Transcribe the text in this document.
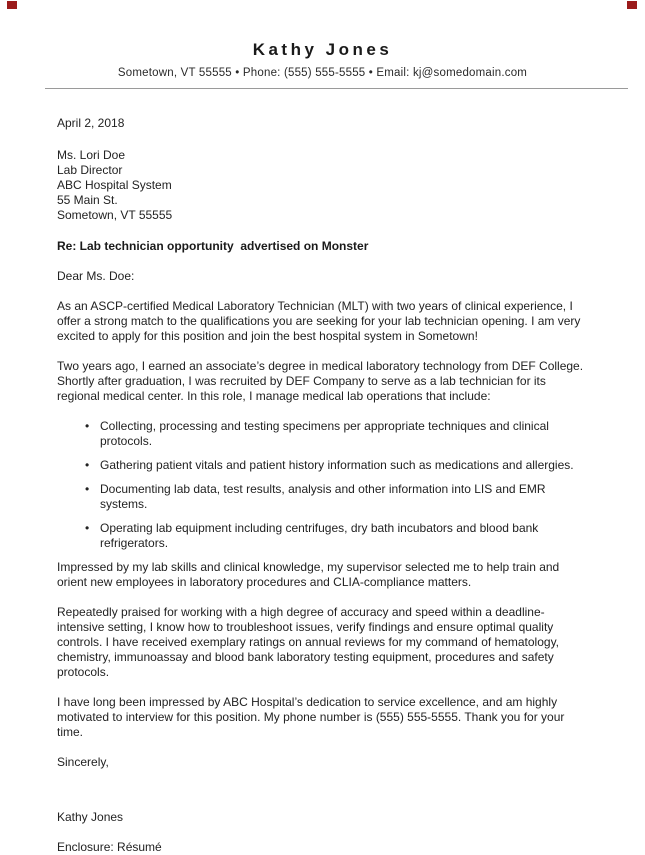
Kathy Jones
Sometown, VT 55555 • Phone: (555) 555-5555 • Email: kj@somedomain.com

April 2, 2018

Ms. Lori Doe
Lab Director
ABC Hospital System
55 Main St.
Sometown, VT 55555

Re: Lab technician opportunity  advertised on Monster

Dear Ms. Doe:

As an ASCP-certified Medical Laboratory Technician (MLT) with two years of clinical experience, I offer a strong match to the qualifications you are seeking for your lab technician opening. I am very excited to apply for this position and join the best hospital system in Sometown!

Two years ago, I earned an associate’s degree in medical laboratory technology from DEF College. Shortly after graduation, I was recruited by DEF Company to serve as a lab technician for its regional medical center. In this role, I manage medical lab operations that include:

• Collecting, processing and testing specimens per appropriate techniques and clinical protocols.
• Gathering patient vitals and patient history information such as medications and allergies.
• Documenting lab data, test results, analysis and other information into LIS and EMR systems.
• Operating lab equipment including centrifuges, dry bath incubators and blood bank refrigerators.

Impressed by my lab skills and clinical knowledge, my supervisor selected me to help train and orient new employees in laboratory procedures and CLIA-compliance matters.

Repeatedly praised for working with a high degree of accuracy and speed within a deadline-intensive setting, I know how to troubleshoot issues, verify findings and ensure optimal quality controls. I have received exemplary ratings on annual reviews for my command of hematology, chemistry, immunoassay and blood bank laboratory testing equipment, procedures and safety protocols.

I have long been impressed by ABC Hospital’s dedication to service excellence, and am highly motivated to interview for this position. My phone number is (555) 555-5555. Thank you for your time.

Sincerely,

Kathy Jones

Enclosure: Résumé
